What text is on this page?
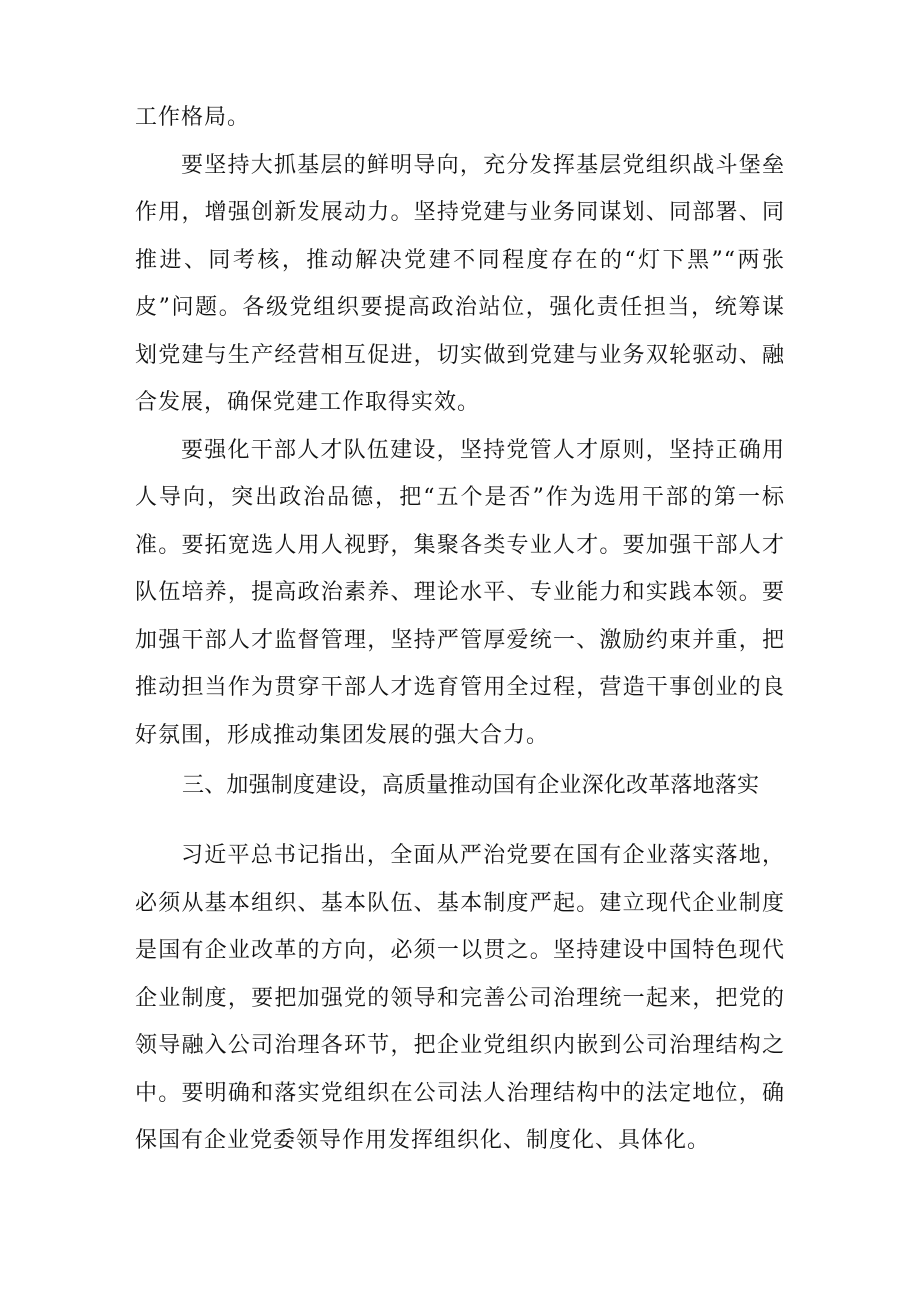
工作格局。
要坚持大抓基层的鲜明导向，充分发挥基层党组织战斗堡垒
作用，增强创新发展动力。坚持党建与业务同谋划、同部署、同
推进、同考核，推动解决党建不同程度存在的“灯下黑”“两张
皮”问题。各级党组织要提高政治站位，强化责任担当，统筹谋
划党建与生产经营相互促进，切实做到党建与业务双轮驱动、融
合发展，确保党建工作取得实效。
要强化干部人才队伍建设，坚持党管人才原则，坚持正确用
人导向，突出政治品德，把“五个是否”作为选用干部的第一标
准。要拓宽选人用人视野，集聚各类专业人才。要加强干部人才
队伍培养，提高政治素养、理论水平、专业能力和实践本领。要
加强干部人才监督管理，坚持严管厚爱统一、激励约束并重，把
推动担当作为贯穿干部人才选育管用全过程，营造干事创业的良
好氛围，形成推动集团发展的强大合力。
三、加强制度建设，高质量推动国有企业深化改革落地落实
习近平总书记指出，全面从严治党要在国有企业落实落地，
必须从基本组织、基本队伍、基本制度严起。建立现代企业制度
是国有企业改革的方向，必须一以贯之。坚持建设中国特色现代
企业制度，要把加强党的领导和完善公司治理统一起来，把党的
领导融入公司治理各环节，把企业党组织内嵌到公司治理结构之
中。要明确和落实党组织在公司法人治理结构中的法定地位，确
保国有企业党委领导作用发挥组织化、制度化、具体化。
